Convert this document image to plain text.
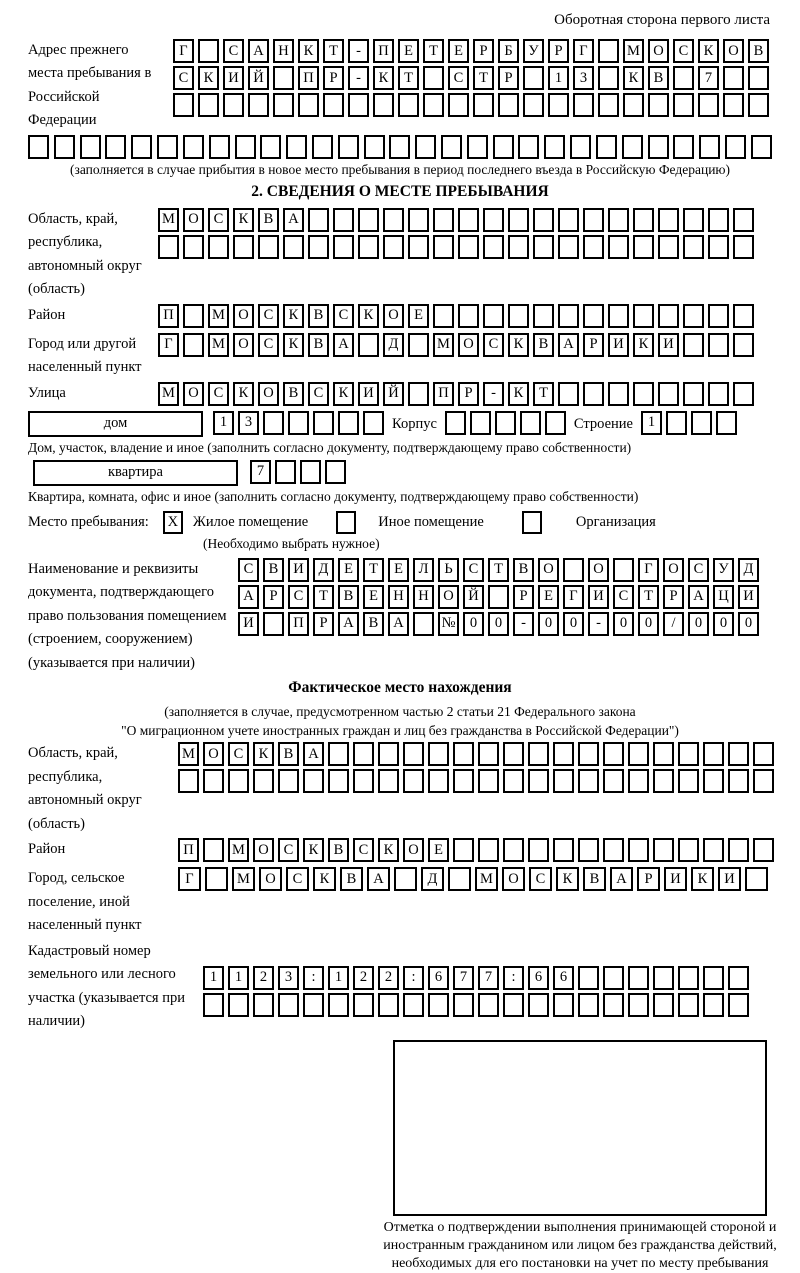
Оборотная сторона первого листа
Адрес прежнего места пребывания в Российской Федерации
Г	С	А	Н	К	Т	-	П	Е	Т	Е	Р	Б	У	Р	Г	М О	С	К	О	В
С	К	И	Й	П	Р	-	К	Т	С	Т	Р	1	3	К	В	7
(заполняется в случае прибытия в новое место пребывания в период последнего въезда в Российскую Федерацию)
2. СВЕДЕНИЯ О МЕСТЕ ПРЕБЫВАНИЯ
Область, край, республика, автономный округ (область)
М О	С	К	В	А
Район	П	М О	С	К	В	С	К	О	Е
Город или другой населенный пункт
Г	М О	С	К	В	А	Д	М О	С	К	В	А	Р	И	К	И
Улица	М О	С	К	О	В	С	К	И	Й	П	Р	-	К	Т
дом	1	3	Корпус	Строение	1
Дом, участок, владение и иное (заполнить согласно документу, подтверждающему право собственности)
квартира	7
Квартира, комната, офис и иное (заполнить согласно документу, подтверждающему право собственности)
Место пребывания:	X	Жилое помещение	Иное помещение	Организация
(Необходимо выбрать нужное)
Наименование и реквизиты документа, подтверждающего право пользования помещением (строением, сооружением) (указывается при наличии)
С	В	И	Д	Е	Т	Е	Л	Ь	С	Т	В	О	О	Г	О	С	У	Д
А	Р	С	Т	В	Е	Н	Н	О	Й	Р	Е	Г	И	С	Т	Р	А	Ц	И
И	П	Р	А	В	А	№ 0	0	-	0	0	-	0	0	/	0	0	0
Фактическое место нахождения
(заполняется в случае, предусмотренном частью 2 статьи 21 Федерального закона
"О миграционном учете иностранных граждан и лиц без гражданства в Российской Федерации")
Область, край, республика, автономный округ (область)
М О	С	К	В	А
Район	П	М О	С	К	В	С	К	О	Е
Город, сельское поселение, иной населенный пункт
Г	М	О	С	К	В	А	Д	М	О	С	К	В	А	Р	И	К	И
Кадастровый номер земельного или лесного участка (указывается при наличии)
1	1	2	3	:	1	2	2	:	6	7	7	:	6	6
Отметка о подтверждении выполнения принимающей стороной и иностранным гражданином или лицом без гражданства действий, необходимых для его постановки на учет по месту пребывания
